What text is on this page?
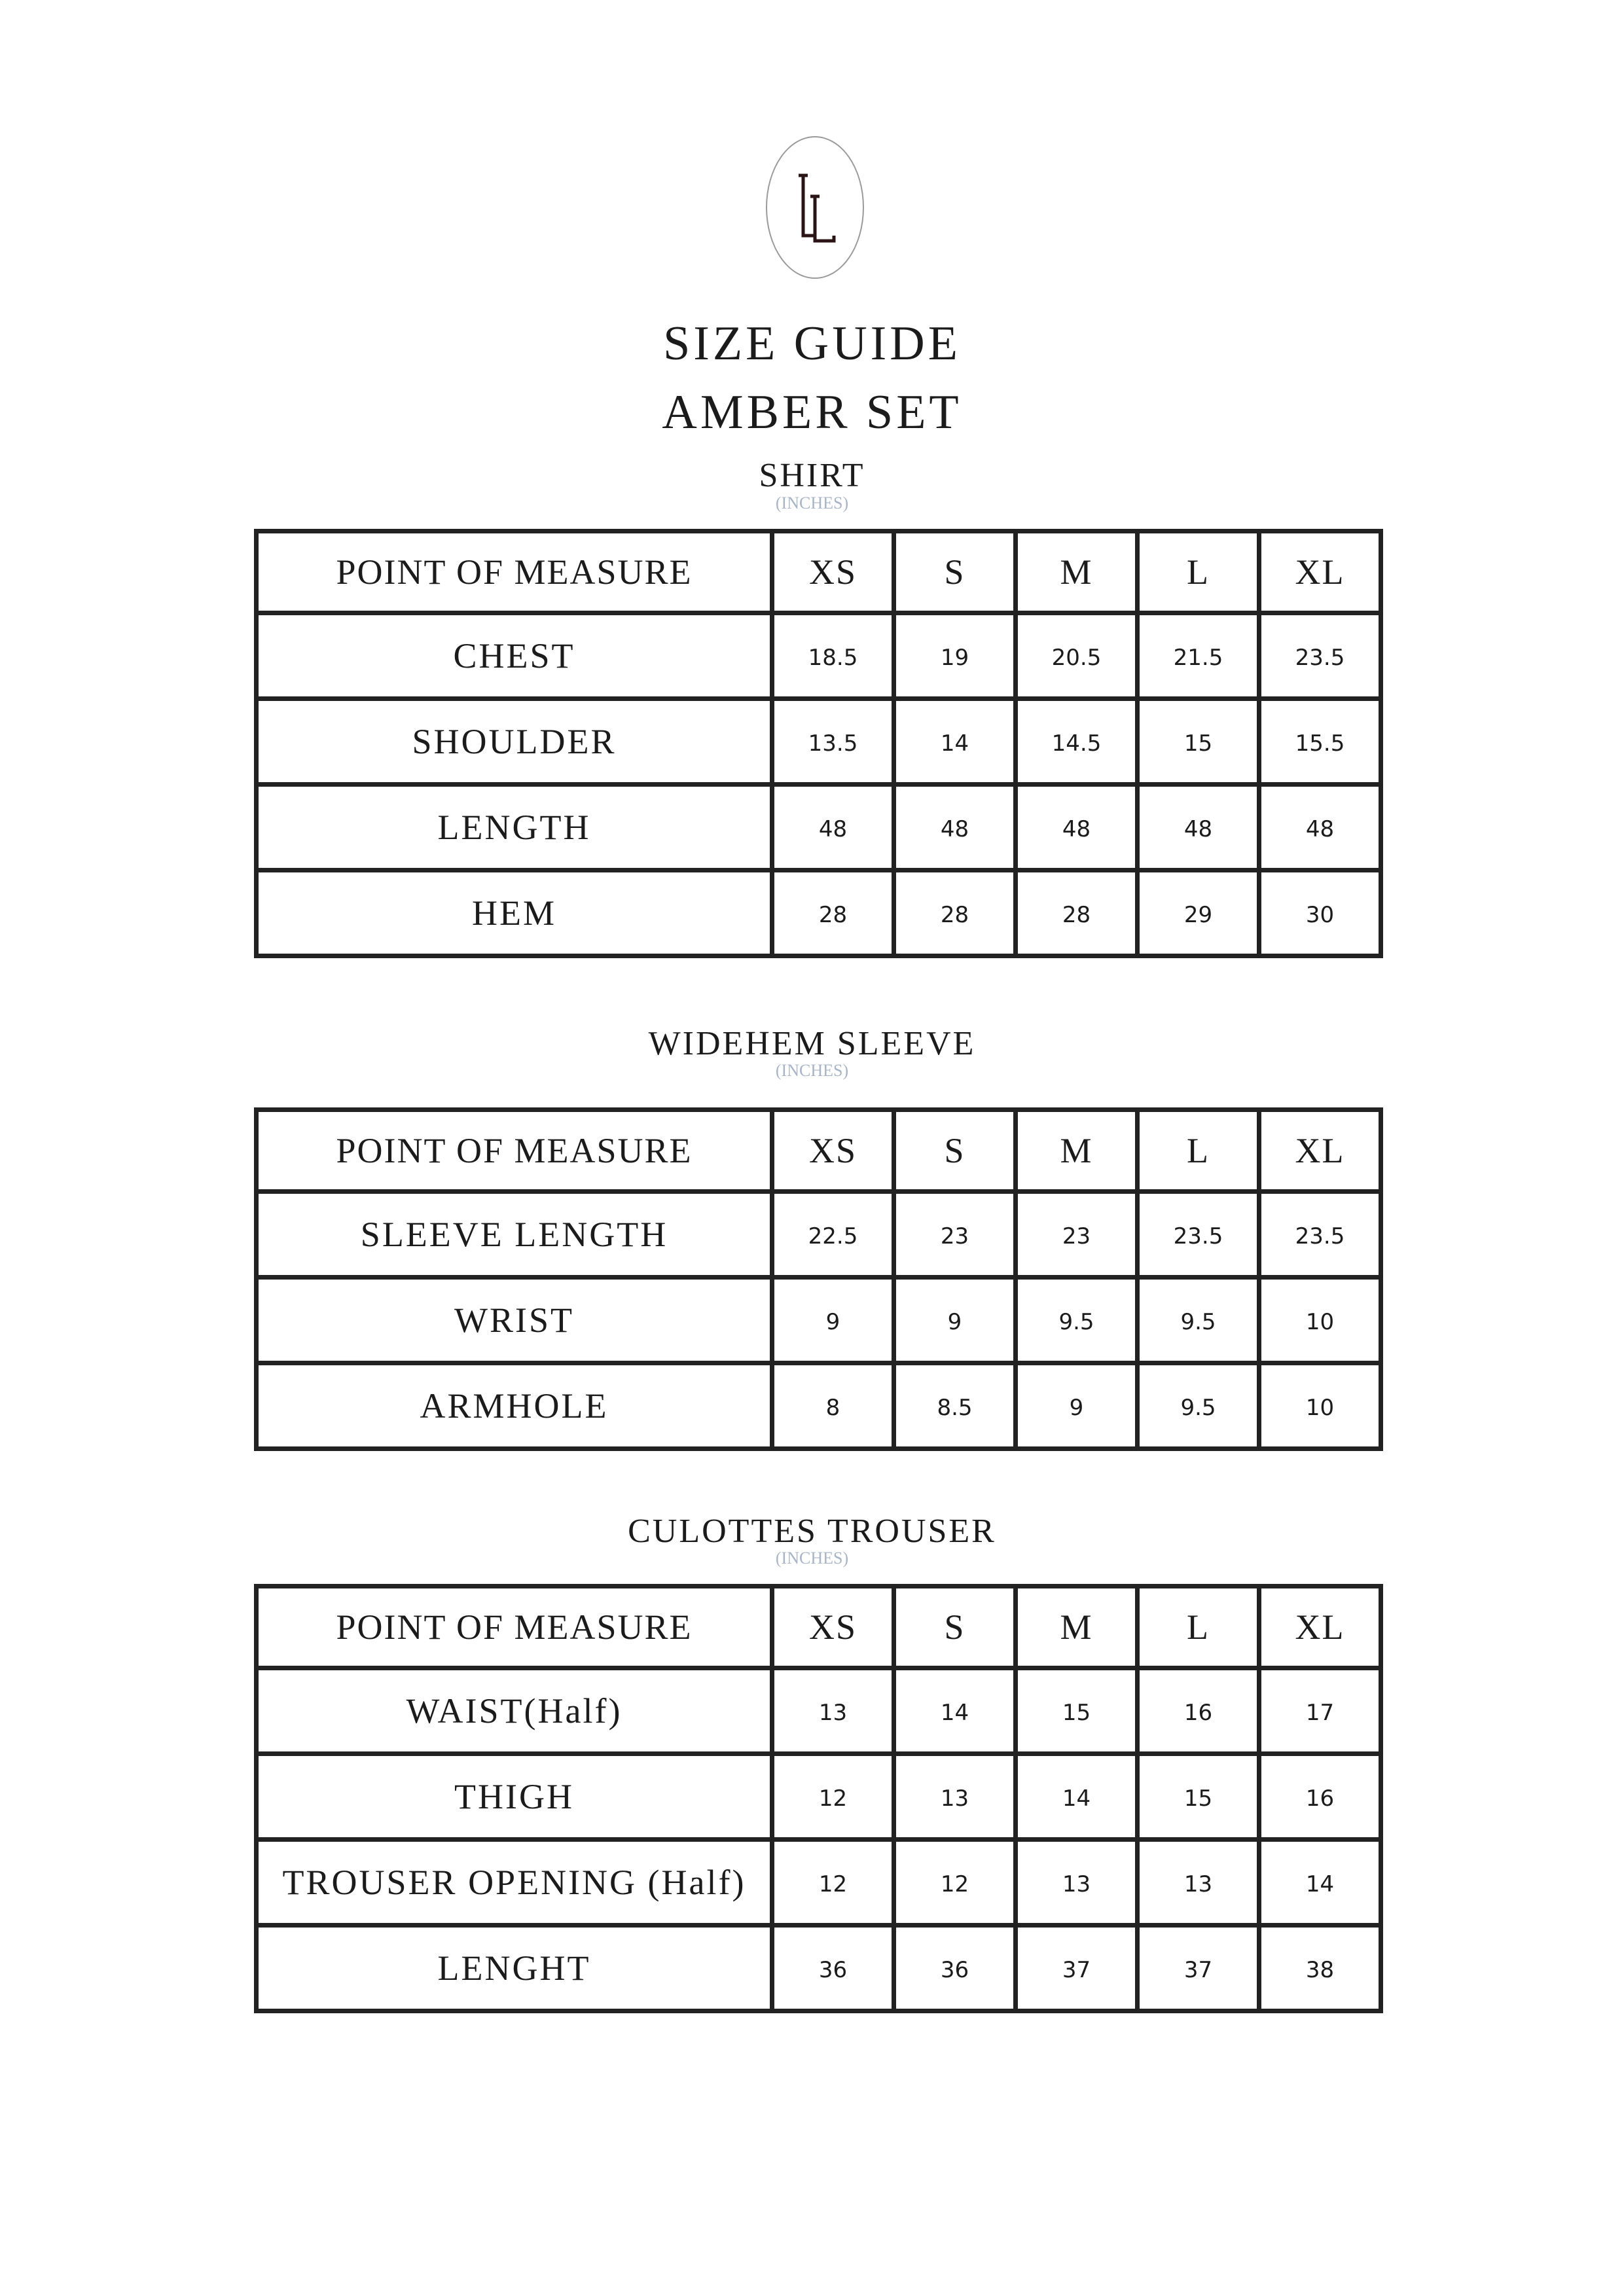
SIZE GUIDE
AMBER SET
SHIRT
(INCHES)
POINT OF MEASURE	XS	S	M	L	XL
CHEST	18.5	19	20.5	21.5	23.5
SHOULDER	13.5	14	14.5	15	15.5
LENGTH	48	48	48	48	48
HEM	28	28	28	29	30
WIDEHEM SLEEVE
(INCHES)
POINT OF MEASURE	XS	S	M	L	XL
SLEEVE LENGTH	22.5	23	23	23.5	23.5
WRIST	9	9	9.5	9.5	10
ARMHOLE	8	8.5	9	9.5	10
CULOTTES TROUSER
(INCHES)
POINT OF MEASURE	XS	S	M	L	XL
WAIST(Half)	13	14	15	16	17
THIGH	12	13	14	15	16
TROUSER OPENING (Half)	12	12	13	13	14
LENGHT	36	36	37	37	38
